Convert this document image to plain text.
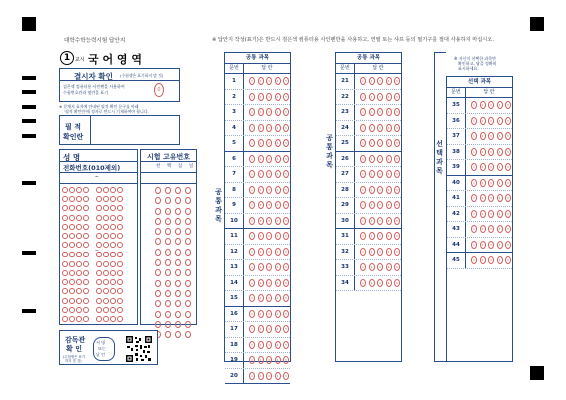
대학수학능력시험 답안지	※ 답안지 작성(표기)은 반드시 검은색 컴퓨터용 사인펜만을 사용하고, 연필 또는 샤프 등의 필기구를 절대 사용하지 마십시오.
1 교시 국 어 영 역
결시자 확인 (수험생은 표기하지 말 것)
검은색 컴퓨터용 사인펜을 사용하여
수험번호란과 옆란을 표기	0
※ 문제지 표지에 안내된 필적 확인 문구를 아래
'필적 확인란'에 정자로 반드시 기재하여야 합니다.
필 적
확인란
성 명
전화번호(010제외)
–
–
시험 고유번호
천 백 십 일
감독관
확 인
(수험생은 표기
하지 말 것)
서 명
또는
날 인
공통 과목
문번	답 란
1	1	2	3	4	5
2	1	2	3	4	5
3	1	2	3	4	5
4	1	2	3	4	5
5	1	2	3	4	5
6	1	2	3	4	5
7	1	2	3	4	5
8	1	2	3	4	5
9	1	2	3	4	5
10	1	2	3	4	5
11	1	2	3	4	5
12	1	2	3	4	5
13	1	2	3	4	5
14	1	2	3	4	5
15	1	2	3	4	5
16	1	2	3	4	5
17	1	2	3	4	5
18	1	2	3	4	5
19	1	2	3	4	5
20	1	2	3	4	5
공
통
과
목
공통 과목
문번	답 란
21	1	2	3	4	5
22	1	2	3	4	5
23	1	2	3	4	5
24	1	2	3	4	5
25	1	2	3	4	5
26	1	2	3	4	5
27	1	2	3	4	5
28	1	2	3	4	5
29	1	2	3	4	5
30	1	2	3	4	5
31	1	2	3	4	5
32	1	2	3	4	5
33	1	2	3	4	5
34	1	2	3	4	5
공
통
과
목
※ 자신이 선택한 과목만
확인하고, 답을 정확히
표시하세요.
선택 과목
문번	답 란
35	1	2	3	4	5
36	1	2	3	4	5
37	1	2	3	4	5
38	1	2	3	4	5
39	1	2	3	4	5
40	1	2	3	4	5
41	1	2	3	4	5
42	1	2	3	4	5
43	1	2	3	4	5
44	1	2	3	4	5
45	1	2	3	4	5
선
택
과
목
